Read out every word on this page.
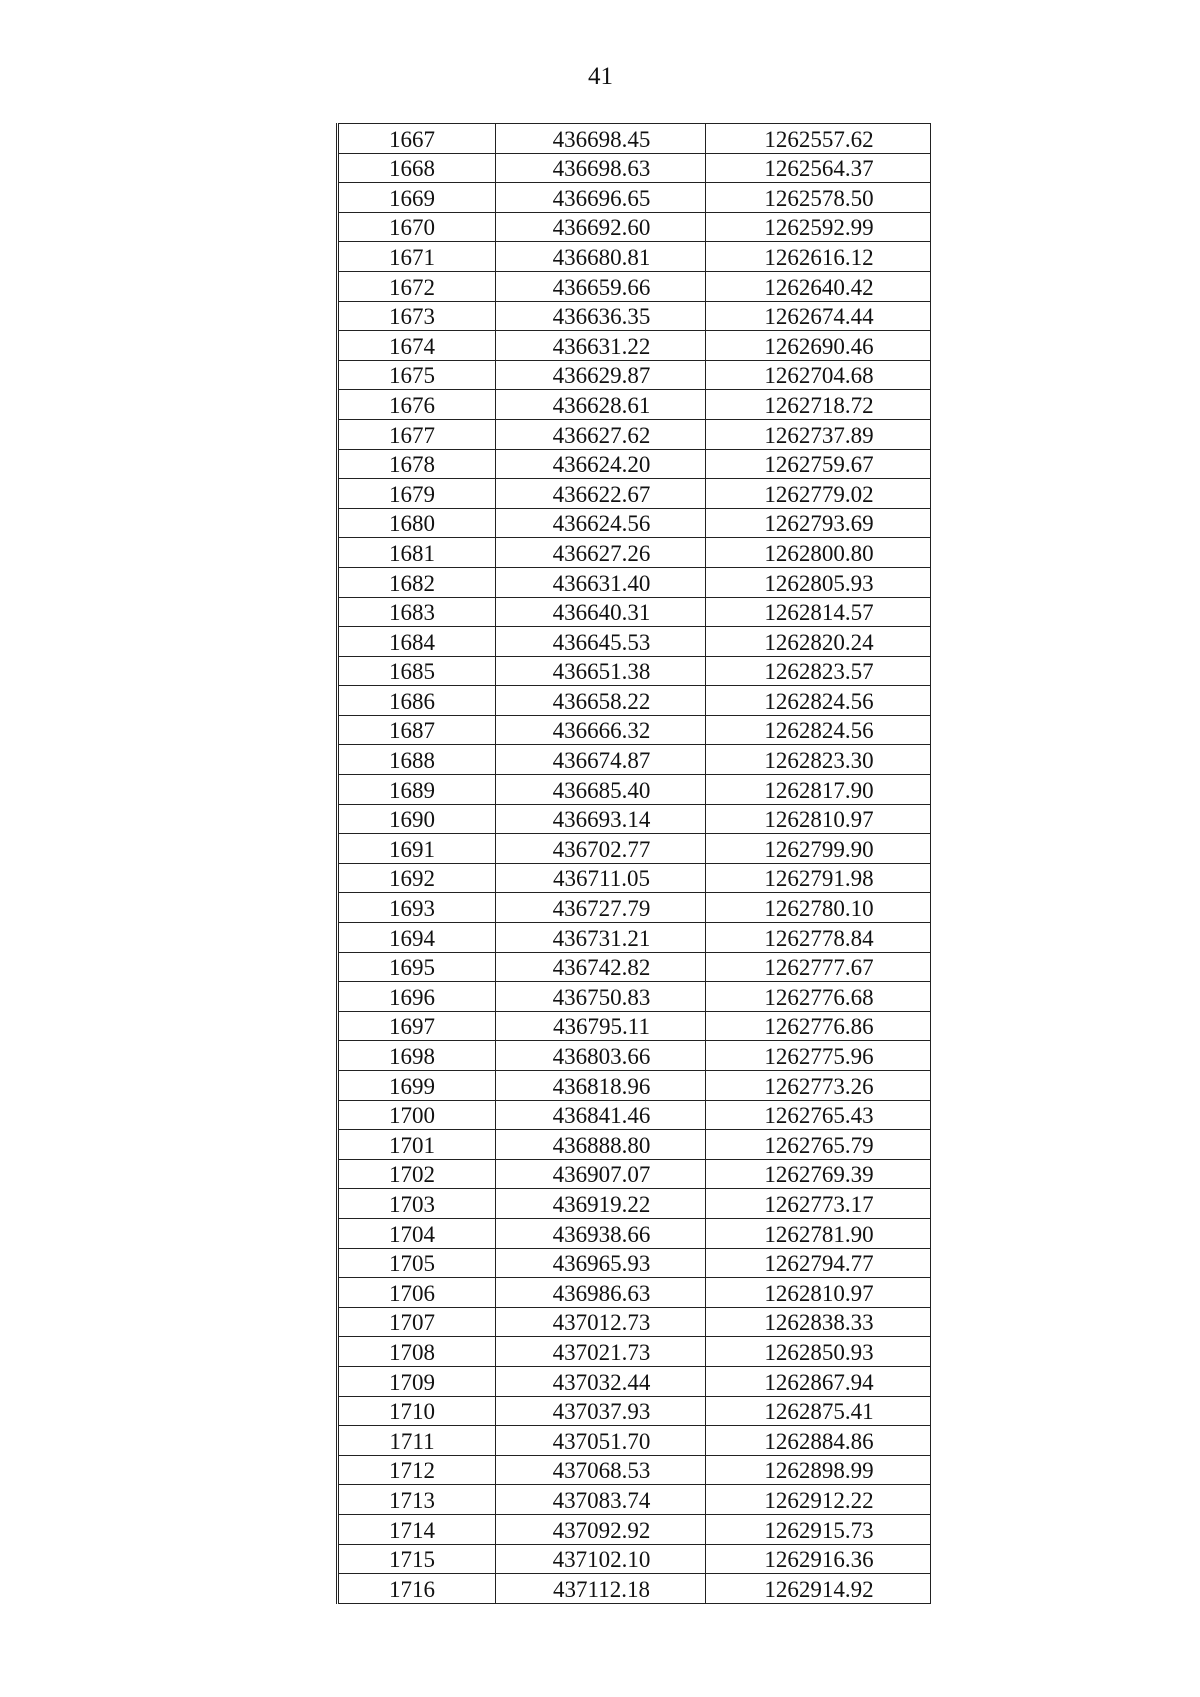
41
1667	436698.45	1262557.62
1668	436698.63	1262564.37
1669	436696.65	1262578.50
1670	436692.60	1262592.99
1671	436680.81	1262616.12
1672	436659.66	1262640.42
1673	436636.35	1262674.44
1674	436631.22	1262690.46
1675	436629.87	1262704.68
1676	436628.61	1262718.72
1677	436627.62	1262737.89
1678	436624.20	1262759.67
1679	436622.67	1262779.02
1680	436624.56	1262793.69
1681	436627.26	1262800.80
1682	436631.40	1262805.93
1683	436640.31	1262814.57
1684	436645.53	1262820.24
1685	436651.38	1262823.57
1686	436658.22	1262824.56
1687	436666.32	1262824.56
1688	436674.87	1262823.30
1689	436685.40	1262817.90
1690	436693.14	1262810.97
1691	436702.77	1262799.90
1692	436711.05	1262791.98
1693	436727.79	1262780.10
1694	436731.21	1262778.84
1695	436742.82	1262777.67
1696	436750.83	1262776.68
1697	436795.11	1262776.86
1698	436803.66	1262775.96
1699	436818.96	1262773.26
1700	436841.46	1262765.43
1701	436888.80	1262765.79
1702	436907.07	1262769.39
1703	436919.22	1262773.17
1704	436938.66	1262781.90
1705	436965.93	1262794.77
1706	436986.63	1262810.97
1707	437012.73	1262838.33
1708	437021.73	1262850.93
1709	437032.44	1262867.94
1710	437037.93	1262875.41
1711	437051.70	1262884.86
1712	437068.53	1262898.99
1713	437083.74	1262912.22
1714	437092.92	1262915.73
1715	437102.10	1262916.36
1716	437112.18	1262914.92
